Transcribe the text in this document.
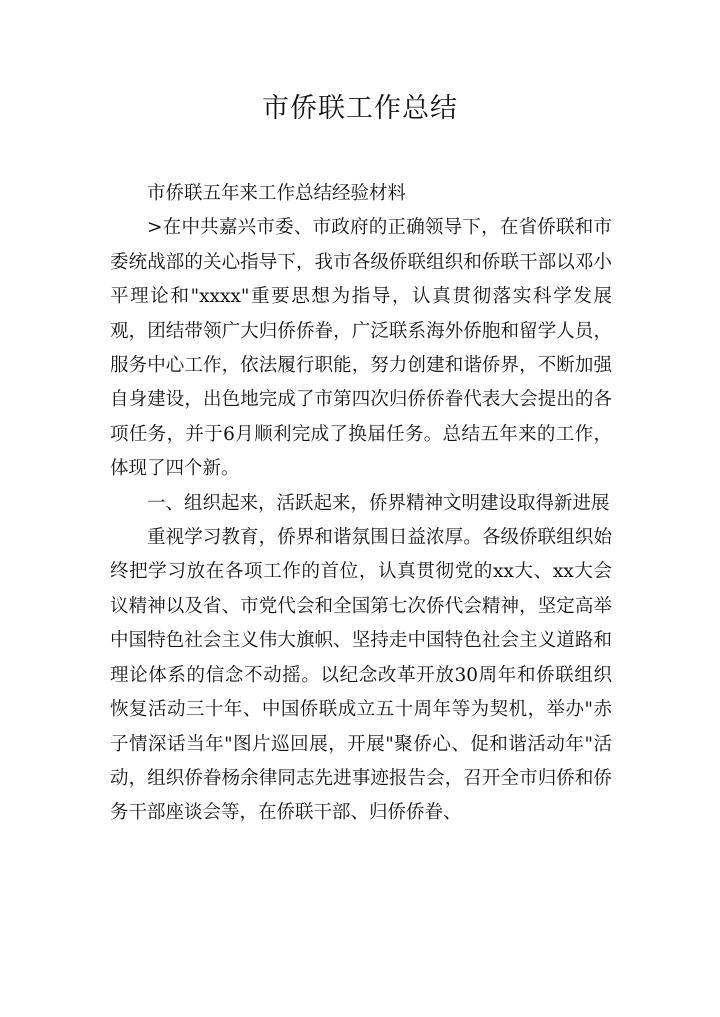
市侨联工作总结

市侨联五年来工作总结经验材料

>在中共嘉兴市委、市政府的正确领导下，在省侨联和市委统战部的关心指导下，我市各级侨联组织和侨联干部以邓小平理论和"xxxx"重要思想为指导，认真贯彻落实科学发展观，团结带领广大归侨侨眷，广泛联系海外侨胞和留学人员，服务中心工作，依法履行职能，努力创建和谐侨界，不断加强自身建设，出色地完成了市第四次归侨侨眷代表大会提出的各项任务，并于6月顺利完成了换届任务。总结五年来的工作，体现了四个新。

一、组织起来，活跃起来，侨界精神文明建设取得新进展

重视学习教育，侨界和谐氛围日益浓厚。各级侨联组织始终把学习放在各项工作的首位，认真贯彻党的xx大、xx大会议精神以及省、市党代会和全国第七次侨代会精神，坚定高举中国特色社会主义伟大旗帜、坚持走中国特色社会主义道路和理论体系的信念不动摇。以纪念改革开放30周年和侨联组织恢复活动三十年、中国侨联成立五十周年等为契机，举办"赤子情深话当年"图片巡回展，开展"聚侨心、促和谐活动年"活动，组织侨眷杨余律同志先进事迹报告会，召开全市归侨和侨务干部座谈会等，在侨联干部、归侨侨眷、
